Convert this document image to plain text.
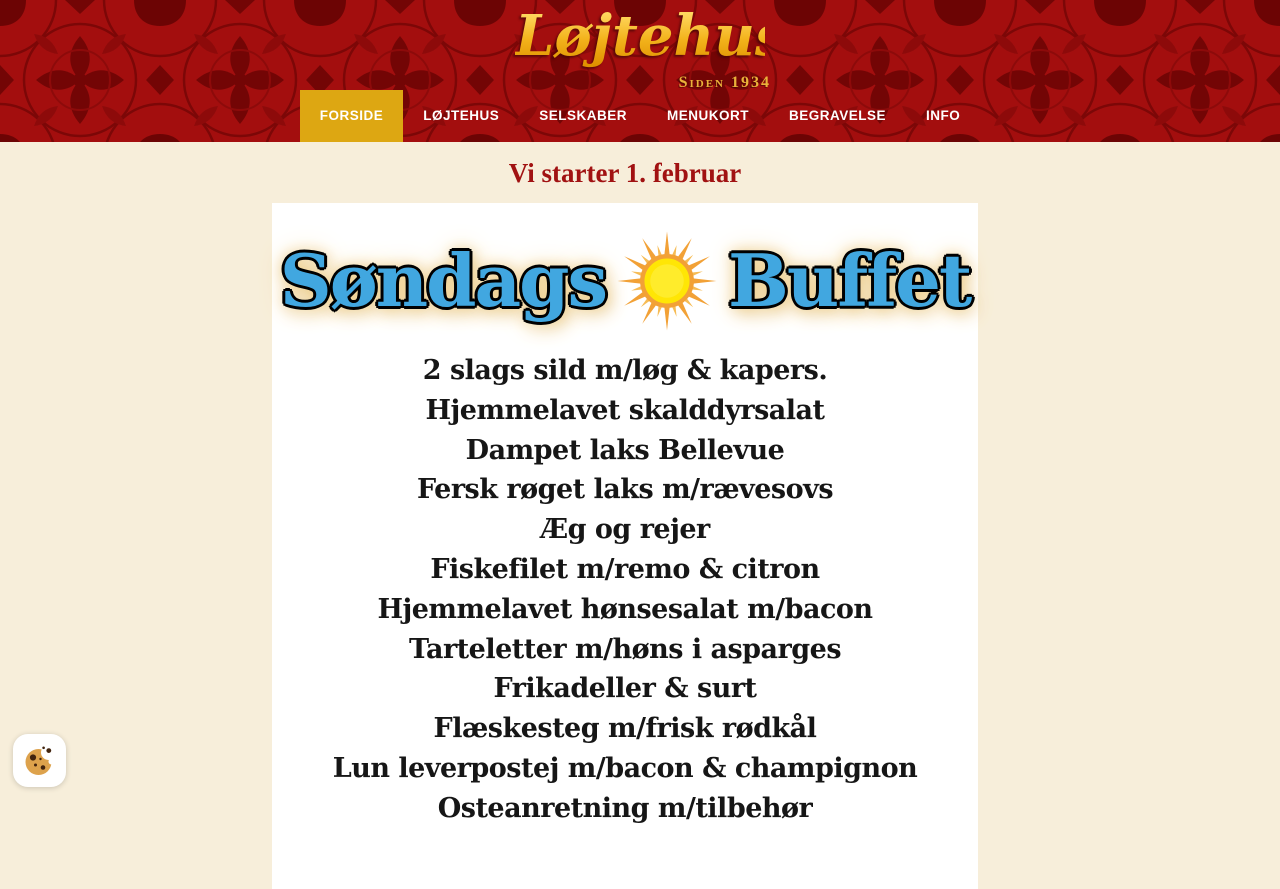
Løjtehus
Siden 1934
FORSIDE	LØJTEHUS	SELSKABER	MENUKORT	BEGRAVELSE	INFO
Vi starter 1. februar
Søndags Buffet
2 slags sild m/løg & kapers.
Hjemmelavet skalddyrsalat
Dampet laks Bellevue
Fersk røget laks m/rævesovs
Æg og rejer
Fiskefilet m/remo & citron
Hjemmelavet hønsesalat m/bacon
Tarteletter m/høns i asparges
Frikadeller & surt
Flæskesteg m/frisk rødkål
Lun leverpostej m/bacon & champignon
Osteanretning m/tilbehør
